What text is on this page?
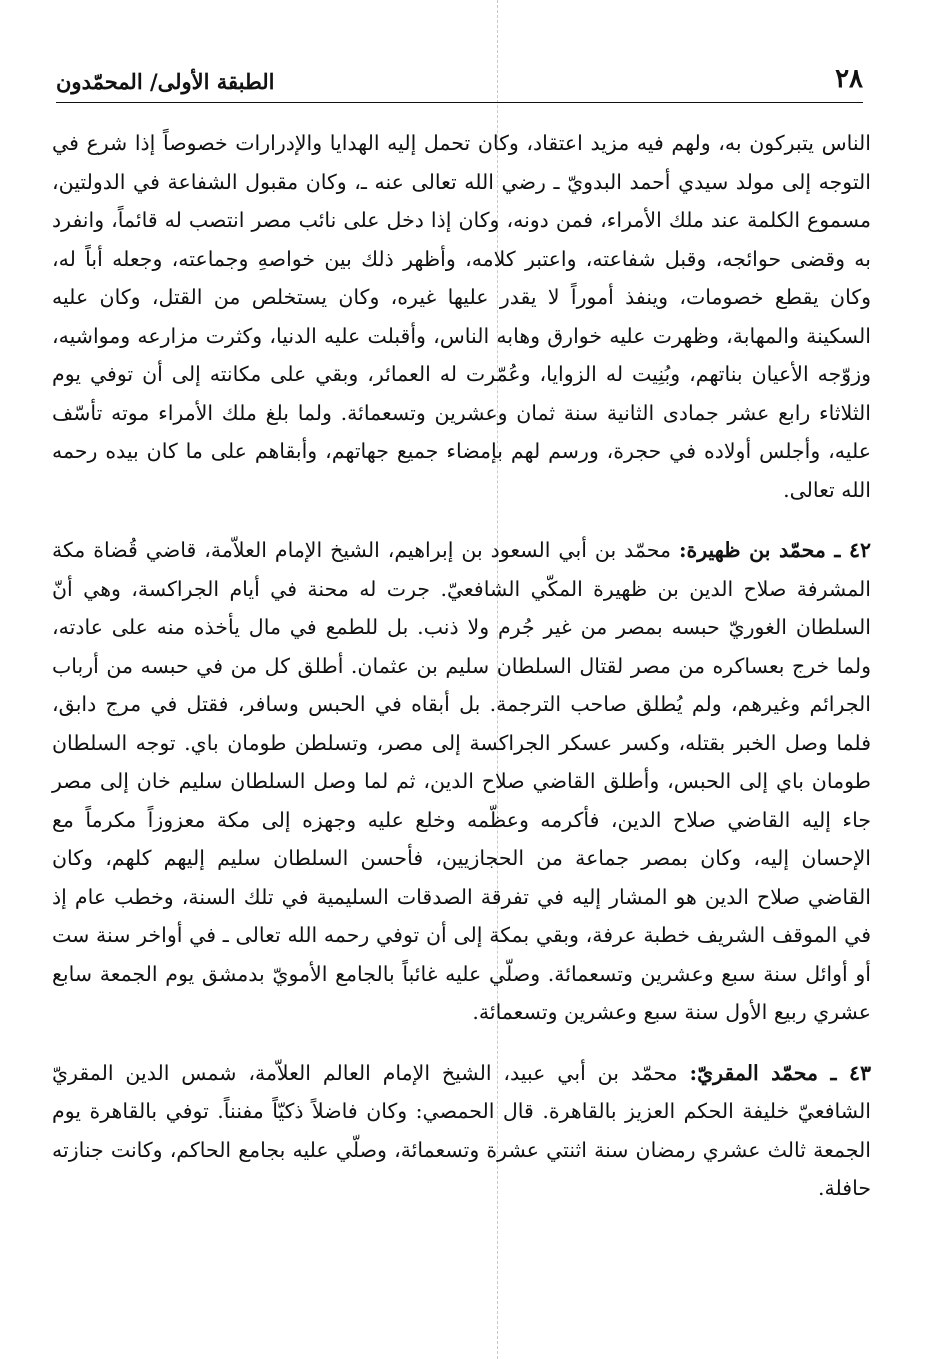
٢٨
الطبقة الأولى/ المحمّدون

الناس يتبركون به، ولهم فيه مزيد اعتقاد، وكان تحمل إليه الهدايا والإدرارات خصوصاً إذا شرع في التوجه إلى مولد سيدي أحمد البدويّ ـ رضي الله تعالى عنه ـ، وكان مقبول الشفاعة في الدولتين، مسموع الكلمة عند ملك الأمراء، فمن دونه، وكان إذا دخل على نائب مصر انتصب له قائماً، وانفرد به وقضى حوائجه، وقبل شفاعته، واعتبر كلامه، وأظهر ذلك بين خواصهِ وجماعته، وجعله أباً له، وكان يقطع خصومات، وينفذ أموراً لا يقدر عليها غيره، وكان يستخلص من القتل، وكان عليه السكينة والمهابة، وظهرت عليه خوارق وهابه الناس، وأقبلت عليه الدنيا، وكثرت مزارعه ومواشيه، وزوّجه الأعيان بناتهم، وبُنِيت له الزوايا، وعُمّرت له العمائر، وبقي على مكانته إلى أن توفي يوم الثلاثاء رابع عشر جمادى الثانية سنة ثمان وعشرين وتسعمائة. ولما بلغ ملك الأمراء موته تأسّف عليه، وأجلس أولاده في حجرة، ورسم لهم بإمضاء جميع جهاتهم، وأبقاهم على ما كان بيده رحمه الله تعالى.

٤٢ ـ محمّد بن ظهيرة: محمّد بن أبي السعود بن إبراهيم، الشيخ الإمام العلاّمة، قاضي قُضاة مكة المشرفة صلاح الدين بن ظهيرة المكّي الشافعيّ. جرت له محنة في أيام الجراكسة، وهي أنّ السلطان الغوريّ حبسه بمصر من غير جُرم ولا ذنب. بل للطمع في مال يأخذه منه على عادته، ولما خرج بعساكره من مصر لقتال السلطان سليم بن عثمان. أطلق كل من في حبسه من أرباب الجرائم وغيرهم، ولم يُطلق صاحب الترجمة. بل أبقاه في الحبس وسافر، فقتل في مرج دابق، فلما وصل الخبر بقتله، وكسر عسكر الجراكسة إلى مصر، وتسلطن طومان باي. توجه السلطان طومان باي إلى الحبس، وأطلق القاضي صلاح الدين، ثم لما وصل السلطان سليم خان إلى مصر جاء إليه القاضي صلاح الدين، فأكرمه وعظّمه وخلع عليه وجهزه إلى مكة معزوزاً مكرماً مع الإحسان إليه، وكان بمصر جماعة من الحجازيين، فأحسن السلطان سليم إليهم كلهم، وكان القاضي صلاح الدين هو المشار إليه في تفرقة الصدقات السليمية في تلك السنة، وخطب عام إذ في الموقف الشريف خطبة عرفة، وبقي بمكة إلى أن توفي رحمه الله تعالى ـ في أواخر سنة ست أو أوائل سنة سبع وعشرين وتسعمائة. وصلّي عليه غائباً بالجامع الأمويّ بدمشق يوم الجمعة سابع عشري ربيع الأول سنة سبع وعشرين وتسعمائة.

٤٣ ـ محمّد المقريّ: محمّد بن أبي عبيد، الشيخ الإمام العالم العلاّمة، شمس الدين المقريّ الشافعيّ خليفة الحكم العزيز بالقاهرة. قال الحمصي: وكان فاضلاً ذكيّاً مفنناً. توفي بالقاهرة يوم الجمعة ثالث عشري رمضان سنة اثنتي عشرة وتسعمائة، وصلّي عليه بجامع الحاكم، وكانت جنازته حافلة.
